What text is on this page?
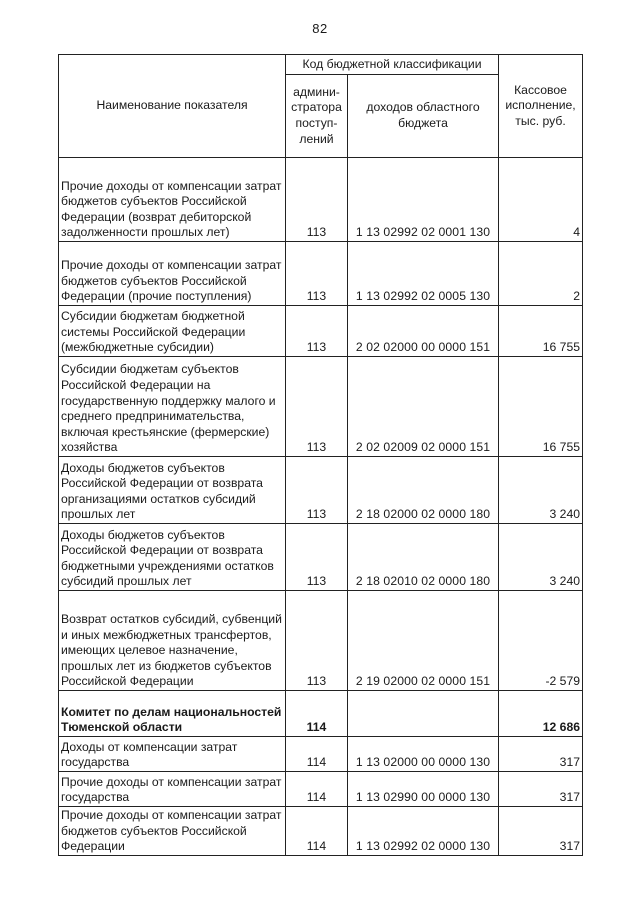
82
Наименование показателя	Код бюджетной классификации		Кассовое исполнение, тыс. руб.
	админи-стратора поступ-лений	доходов областного бюджета	
Прочие доходы от компенсации затрат бюджетов субъектов Российской Федерации (возврат дебиторской задолженности прошлых лет)	113	1 13 02992 02 0001 130	4
Прочие доходы от компенсации затрат бюджетов субъектов Российской Федерации (прочие поступления)	113	1 13 02992 02 0005 130	2
Субсидии бюджетам бюджетной системы Российской Федерации (межбюджетные субсидии)	113	2 02 02000 00 0000 151	16 755
Субсидии бюджетам субъектов Российской Федерации на государственную поддержку малого и среднего предпринимательства, включая крестьянские (фермерские) хозяйства	113	2 02 02009 02 0000 151	16 755
Доходы бюджетов субъектов Российской Федерации от возврата организациями остатков субсидий прошлых лет	113	2 18 02000 02 0000 180	3 240
Доходы бюджетов субъектов Российской Федерации от возврата бюджетными учреждениями остатков субсидий прошлых лет	113	2 18 02010 02 0000 180	3 240
Возврат остатков субсидий, субвенций и иных межбюджетных трансфертов, имеющих целевое назначение, прошлых лет из бюджетов субъектов Российской Федерации	113	2 19 02000 02 0000 151	-2 579
Комитет по делам национальностей Тюменской области	114		12 686
Доходы от компенсации затрат государства	114	1 13 02000 00 0000 130	317
Прочие доходы от компенсации затрат государства	114	1 13 02990 00 0000 130	317
Прочие доходы от компенсации затрат бюджетов субъектов Российской Федерации	114	1 13 02992 02 0000 130	317
